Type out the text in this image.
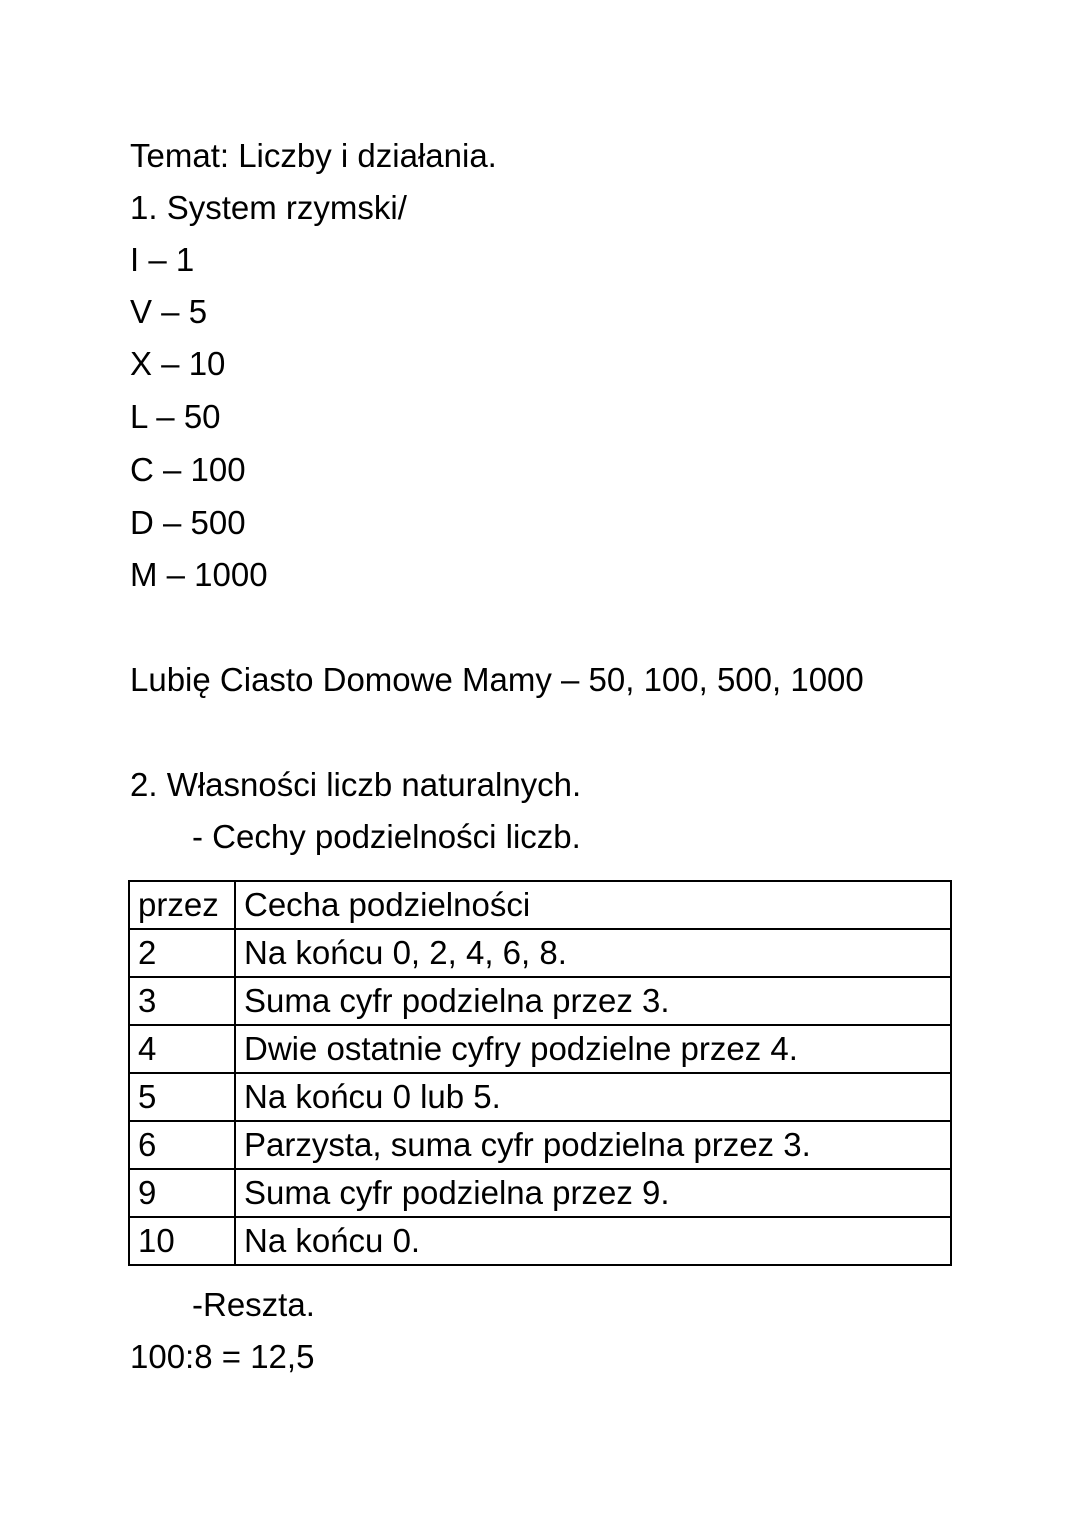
Temat: Liczby i działania.
1. System rzymski/
I – 1
V – 5
X – 10
L – 50
C – 100
D – 500
M – 1000
Lubię Ciasto Domowe Mamy – 50, 100, 500, 1000
2. Własności liczb naturalnych.
- Cechy podzielności liczb.
przez	Cecha podzielności
2	Na końcu 0, 2, 4, 6, 8.
3	Suma cyfr podzielna przez 3.
4	Dwie ostatnie cyfry podzielne przez 4.
5	Na końcu 0 lub 5.
6	Parzysta, suma cyfr podzielna przez 3.
9	Suma cyfr podzielna przez 9.
10	Na końcu 0.
-Reszta.
100:8 = 12,5
